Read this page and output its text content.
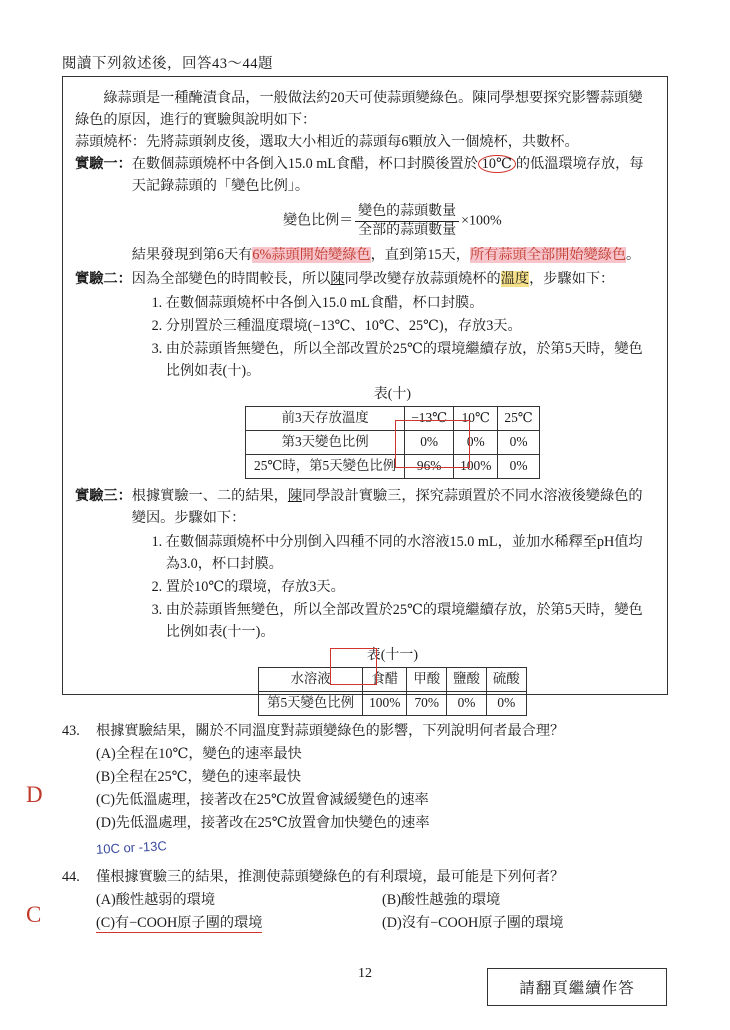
閱讀下列敘述後，回答43～44題
綠蒜頭是一種醃漬食品，一般做法約20天可使蒜頭變綠色。陳同學想要探究影響蒜頭變綠色的原因，進行的實驗與說明如下：
蒜頭燒杯：先將蒜頭剝皮後，選取大小相近的蒜頭每6顆放入一個燒杯，共數杯。
實驗一： 在數個蒜頭燒杯中各倒入15.0 mL食醋，杯口封膜後置於 10℃ 的低溫環境存放，每天記錄蒜頭的「變色比例」。
變色比例＝ $\frac{\text{變色的蒜頭數量}}{\text{全部的蒜頭數量}} \times 100\%$
結果發現到第6天有6%蒜頭開始變綠色，直到第15天，所有蒜頭全部開始變綠色。
實驗二： 因為全部變色的時間較長，所以陳同學改變存放蒜頭燒杯的溫度，步驟如下：
1. 在數個蒜頭燒杯中各倒入15.0 mL食醋，杯口封膜。
2. 分別置於三種溫度環境(−13℃、10℃、25℃)，存放3天。
3. 由於蒜頭皆無變色，所以全部改置於25℃的環境繼續存放，於第5天時，變色比例如表(十)。
表(十)
前3天存放溫度	−13℃	10℃	25℃
第3天變色比例	0%	0%	0%
25℃時，第5天變色比例	96%	100%	0%
實驗三： 根據實驗一、二的結果，陳同學設計實驗三，探究蒜頭置於不同水溶液後變綠色的變因。步驟如下：
1. 在數個蒜頭燒杯中分別倒入四種不同的水溶液15.0 mL，並加水稀釋至pH值均為3.0，杯口封膜。
2. 置於10℃的環境，存放3天。
3. 由於蒜頭皆無變色，所以全部改置於25℃的環境繼續存放，於第5天時，變色比例如表(十一)。
表(十一)
水溶液	食醋	甲酸	鹽酸	硫酸
第5天變色比例	100%	70%	0%	0%
43. 根據實驗結果，關於不同溫度對蒜頭變綠色的影響，下列說明何者最合理？
(A)全程在10℃，變色的速率最快
(B)全程在25℃，變色的速率最快
(C)先低溫處理，接著改在25℃放置會減緩變色的速率
(D)先低溫處理，接著改在25℃放置會加快變色的速率
D
10C or -13C
44. 僅根據實驗三的結果，推測使蒜頭變綠色的有利環境，最可能是下列何者？
(A)酸性越弱的環境	(B)酸性越強的環境
(C)有−COOH原子團的環境	(D)沒有−COOH原子團的環境
C
12
請翻頁繼續作答
